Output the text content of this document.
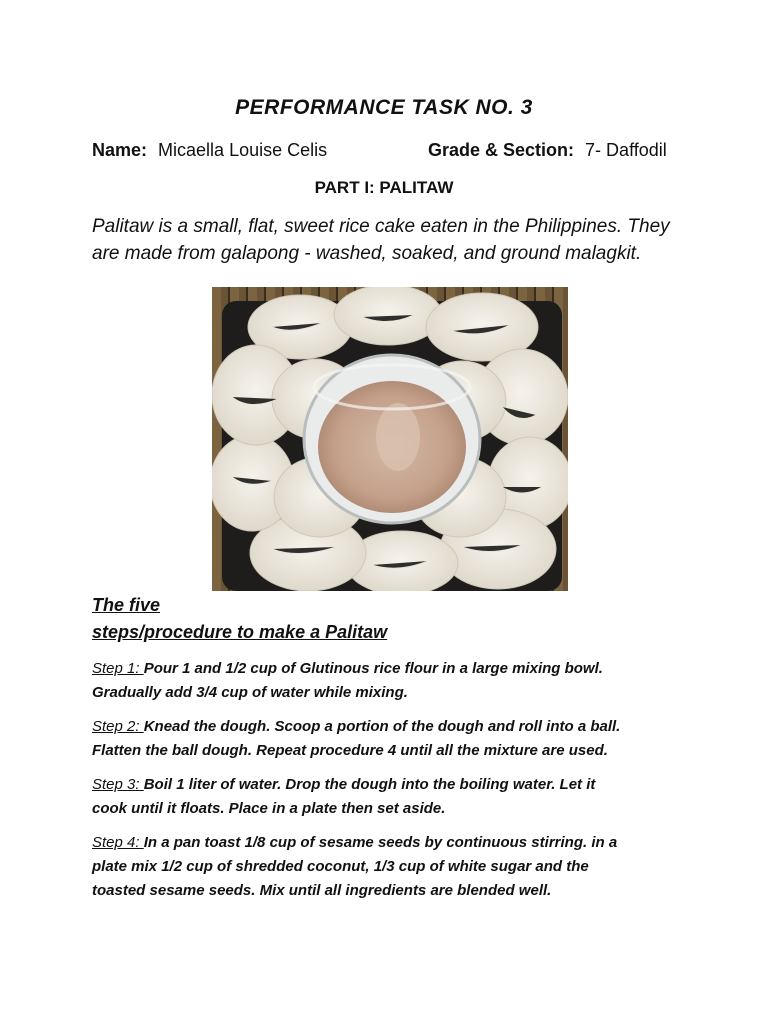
PERFORMANCE TASK NO. 3
Name: Micaella Louise Celis	Grade & Section: 7- Daffodil
PART I: PALITAW
Palitaw is a small, flat, sweet rice cake eaten in the Philippines. They
are made from galapong - washed, soaked, and ground malagkit.
The five
steps/procedure to make a Palitaw
Step 1: Pour 1 and 1/2 cup of Glutinous rice flour in a large mixing bowl.
Gradually add 3/4 cup of water while mixing.
Step 2: Knead the dough. Scoop a portion of the dough and roll into a ball.
Flatten the ball dough. Repeat procedure 4 until all the mixture are used.
Step 3: Boil 1 liter of water. Drop the dough into the boiling water. Let it
cook until it floats. Place in a plate then set aside.
Step 4: In a pan toast 1/8 cup of sesame seeds by continuous stirring. in a
plate mix 1/2 cup of shredded coconut, 1/3 cup of white sugar and the
toasted sesame seeds. Mix until all ingredients are blended well.
